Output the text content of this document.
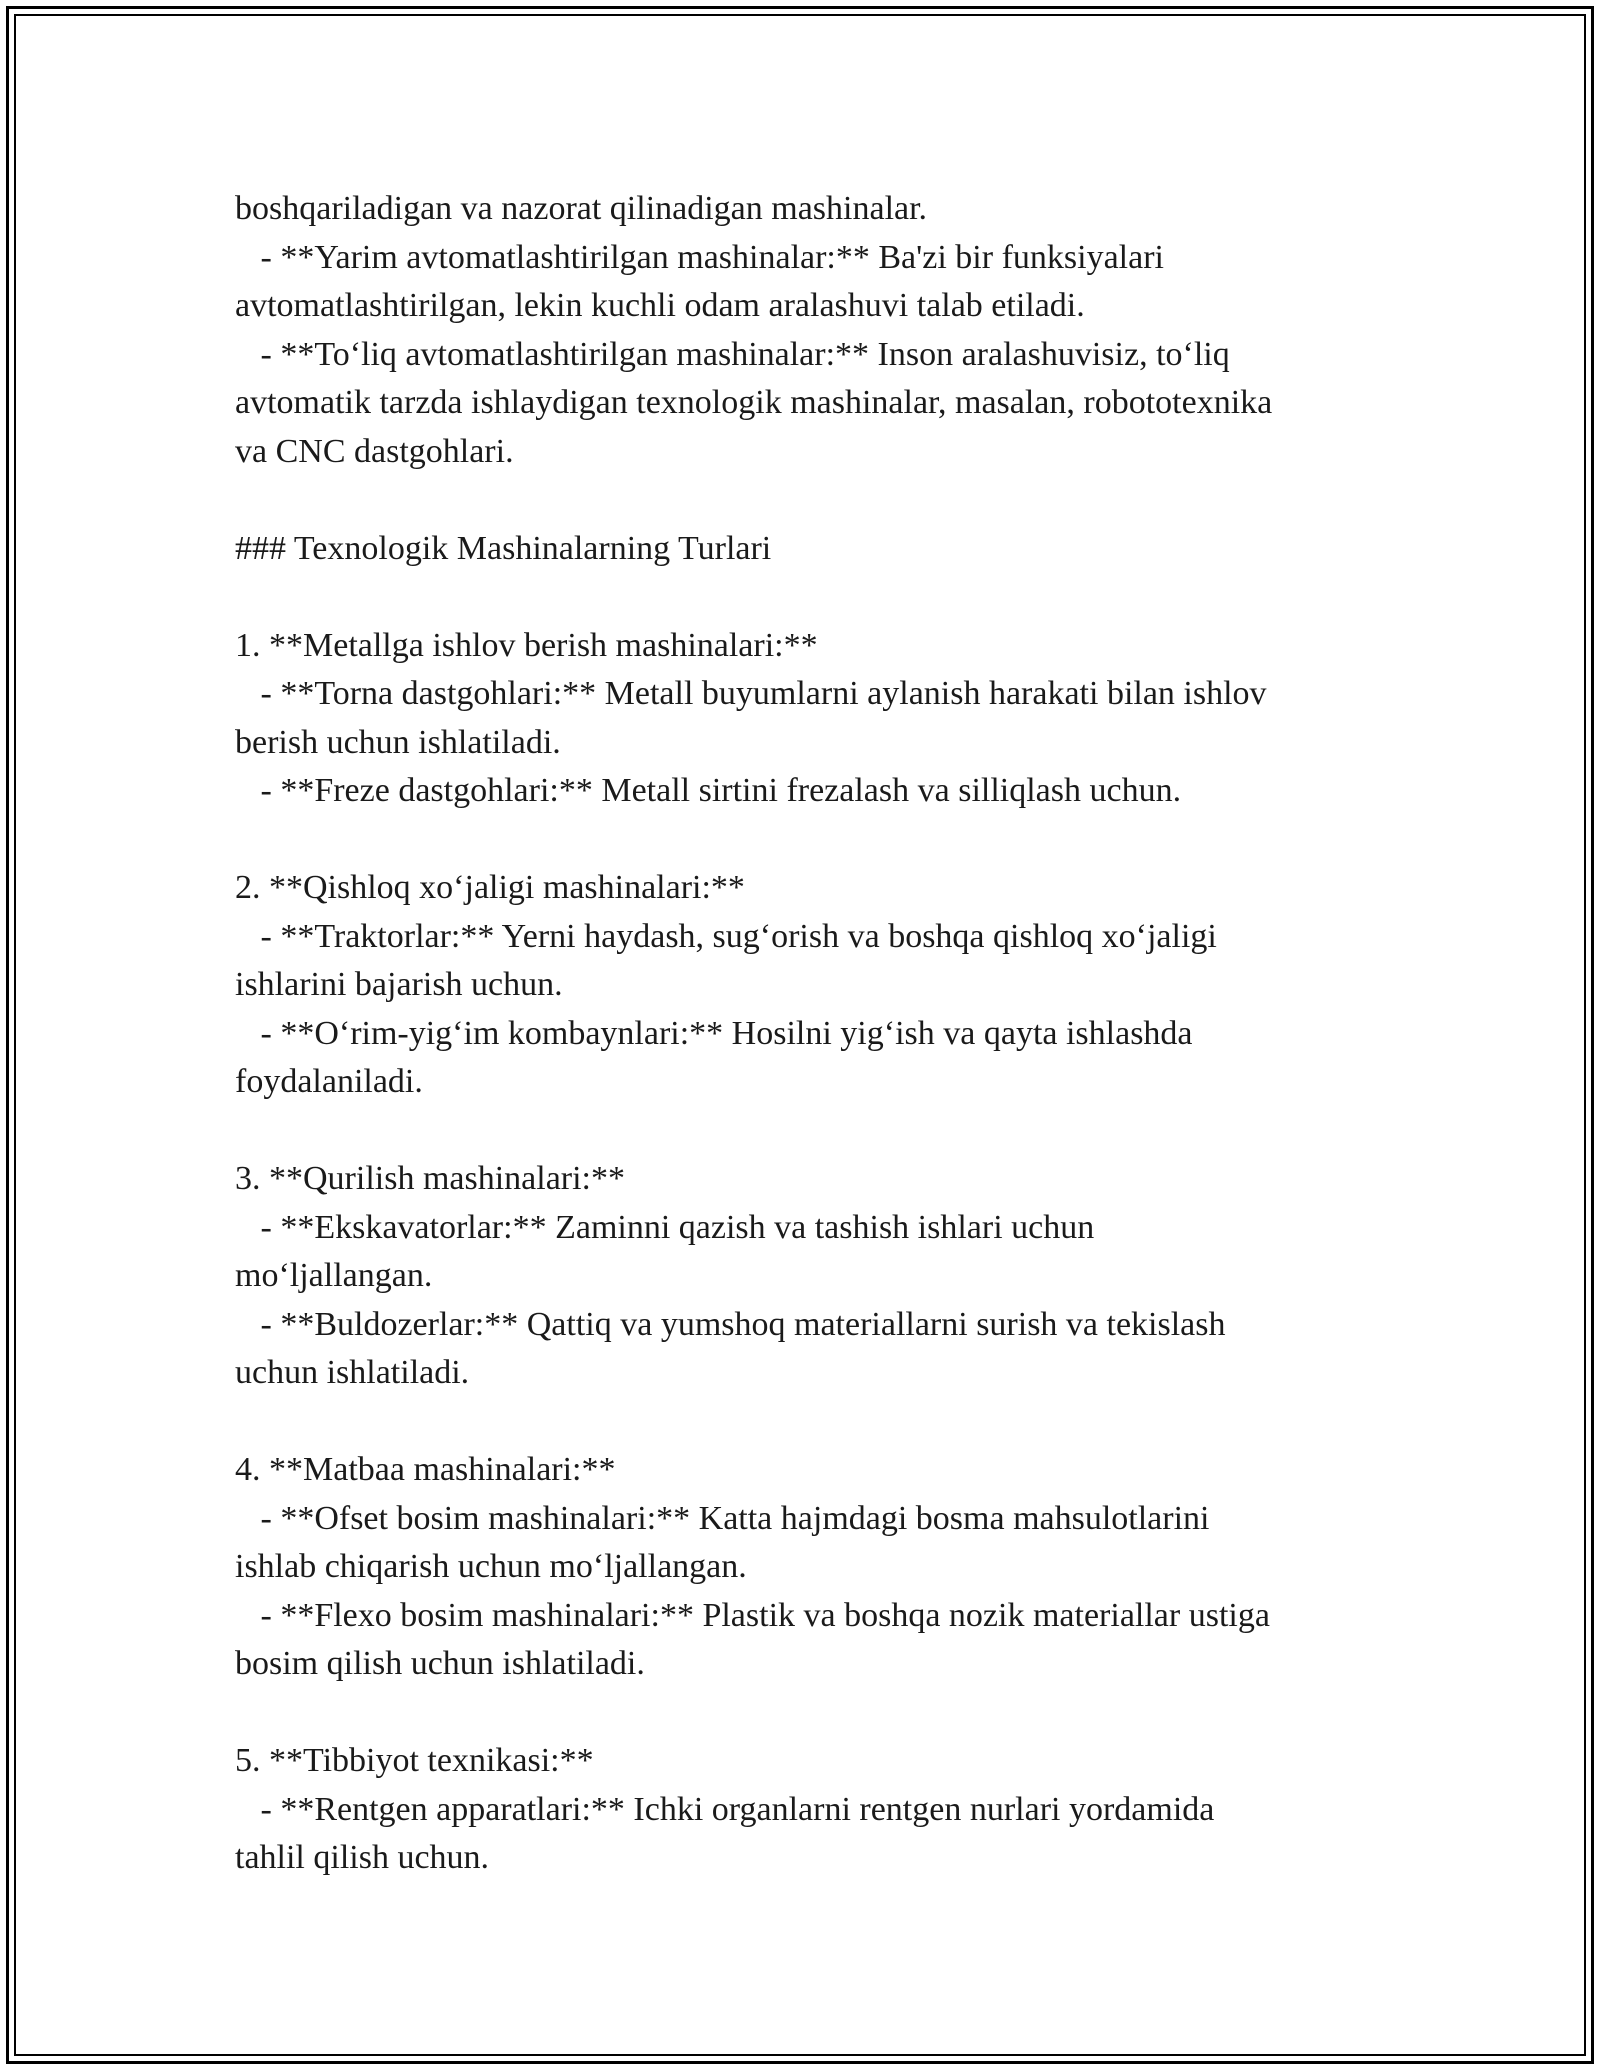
boshqariladigan va nazorat qilinadigan mashinalar.
- **Yarim avtomatlashtirilgan mashinalar:** Ba'zi bir funksiyalari
avtomatlashtirilgan, lekin kuchli odam aralashuvi talab etiladi.
- **To‘liq avtomatlashtirilgan mashinalar:** Inson aralashuvisiz, to‘liq
avtomatik tarzda ishlaydigan texnologik mashinalar, masalan, robototexnika
va CNC dastgohlari.
### Texnologik Mashinalarning Turlari
1. **Metallga ishlov berish mashinalari:**
- **Torna dastgohlari:** Metall buyumlarni aylanish harakati bilan ishlov
berish uchun ishlatiladi.
- **Freze dastgohlari:** Metall sirtini frezalash va silliqlash uchun.
2. **Qishloq xo‘jaligi mashinalari:**
- **Traktorlar:** Yerni haydash, sug‘orish va boshqa qishloq xo‘jaligi
ishlarini bajarish uchun.
- **O‘rim-yig‘im kombaynlari:** Hosilni yig‘ish va qayta ishlashda
foydalaniladi.
3. **Qurilish mashinalari:**
- **Ekskavatorlar:** Zaminni qazish va tashish ishlari uchun
mo‘ljallangan.
- **Buldozerlar:** Qattiq va yumshoq materiallarni surish va tekislash
uchun ishlatiladi.
4. **Matbaa mashinalari:**
- **Ofset bosim mashinalari:** Katta hajmdagi bosma mahsulotlarini
ishlab chiqarish uchun mo‘ljallangan.
- **Flexo bosim mashinalari:** Plastik va boshqa nozik materiallar ustiga
bosim qilish uchun ishlatiladi.
5. **Tibbiyot texnikasi:**
- **Rentgen apparatlari:** Ichki organlarni rentgen nurlari yordamida
tahlil qilish uchun.
